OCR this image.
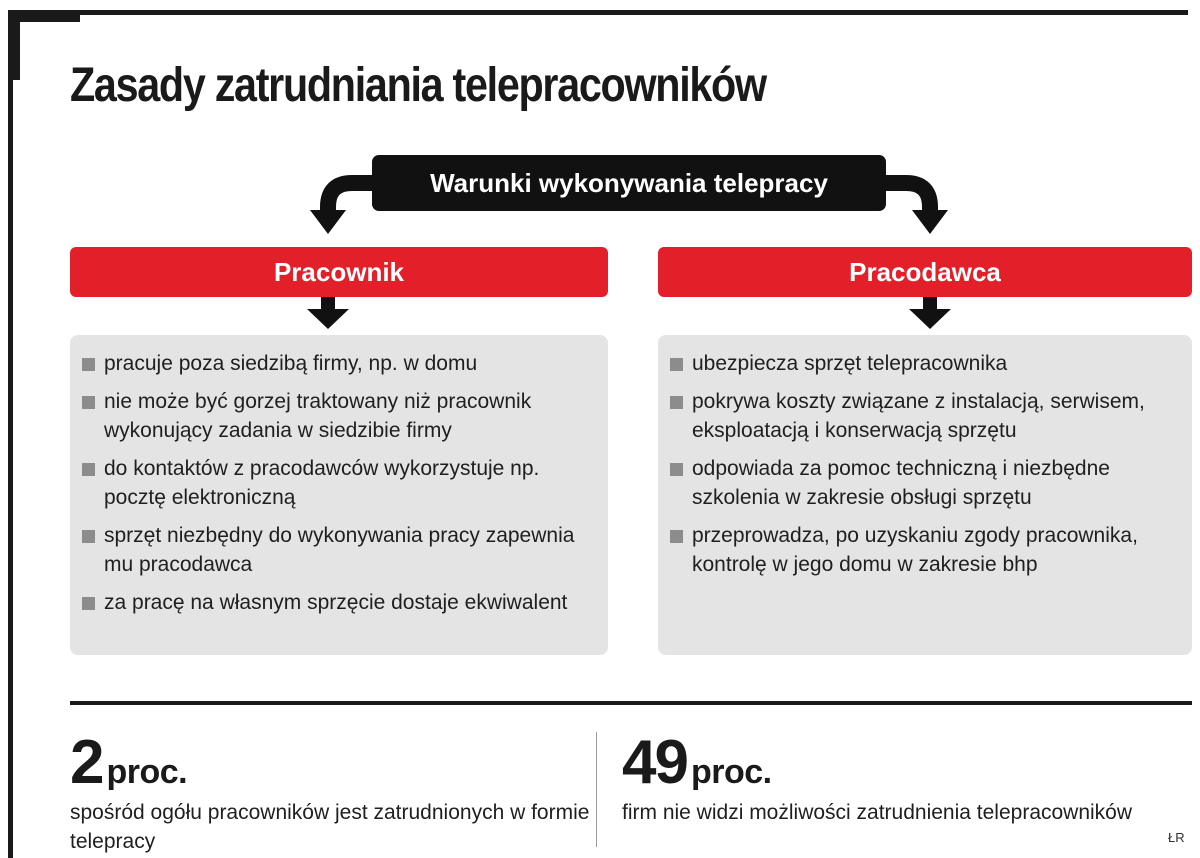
Zasady zatrudniania telepracowników
Warunki wykonywania telepracy
Pracownik	Pracodawca
pracuje poza siedzibą firmy, np. w domu
nie może być gorzej traktowany niż pracownik wykonujący zadania w siedzibie firmy
do kontaktów z pracodawców wykorzystuje np. pocztę elektroniczną
sprzęt niezbędny do wykonywania pracy zapewnia mu pracodawca
za pracę na własnym sprzęcie dostaje ekwiwalent
ubezpiecza sprzęt telepracownika
pokrywa koszty związane z instalacją, serwisem, eksploatacją i konserwacją sprzętu
odpowiada za pomoc techniczną i niezbędne szkolenia w zakresie obsługi sprzętu
przeprowadza, po uzyskaniu zgody pracownika, kontrolę w jego domu w zakresie bhp
2 proc.
spośród ogółu pracowników jest zatrudnionych w formie telepracy
49 proc.
firm nie widzi możliwości zatrudnienia telepracowników
ŁR
